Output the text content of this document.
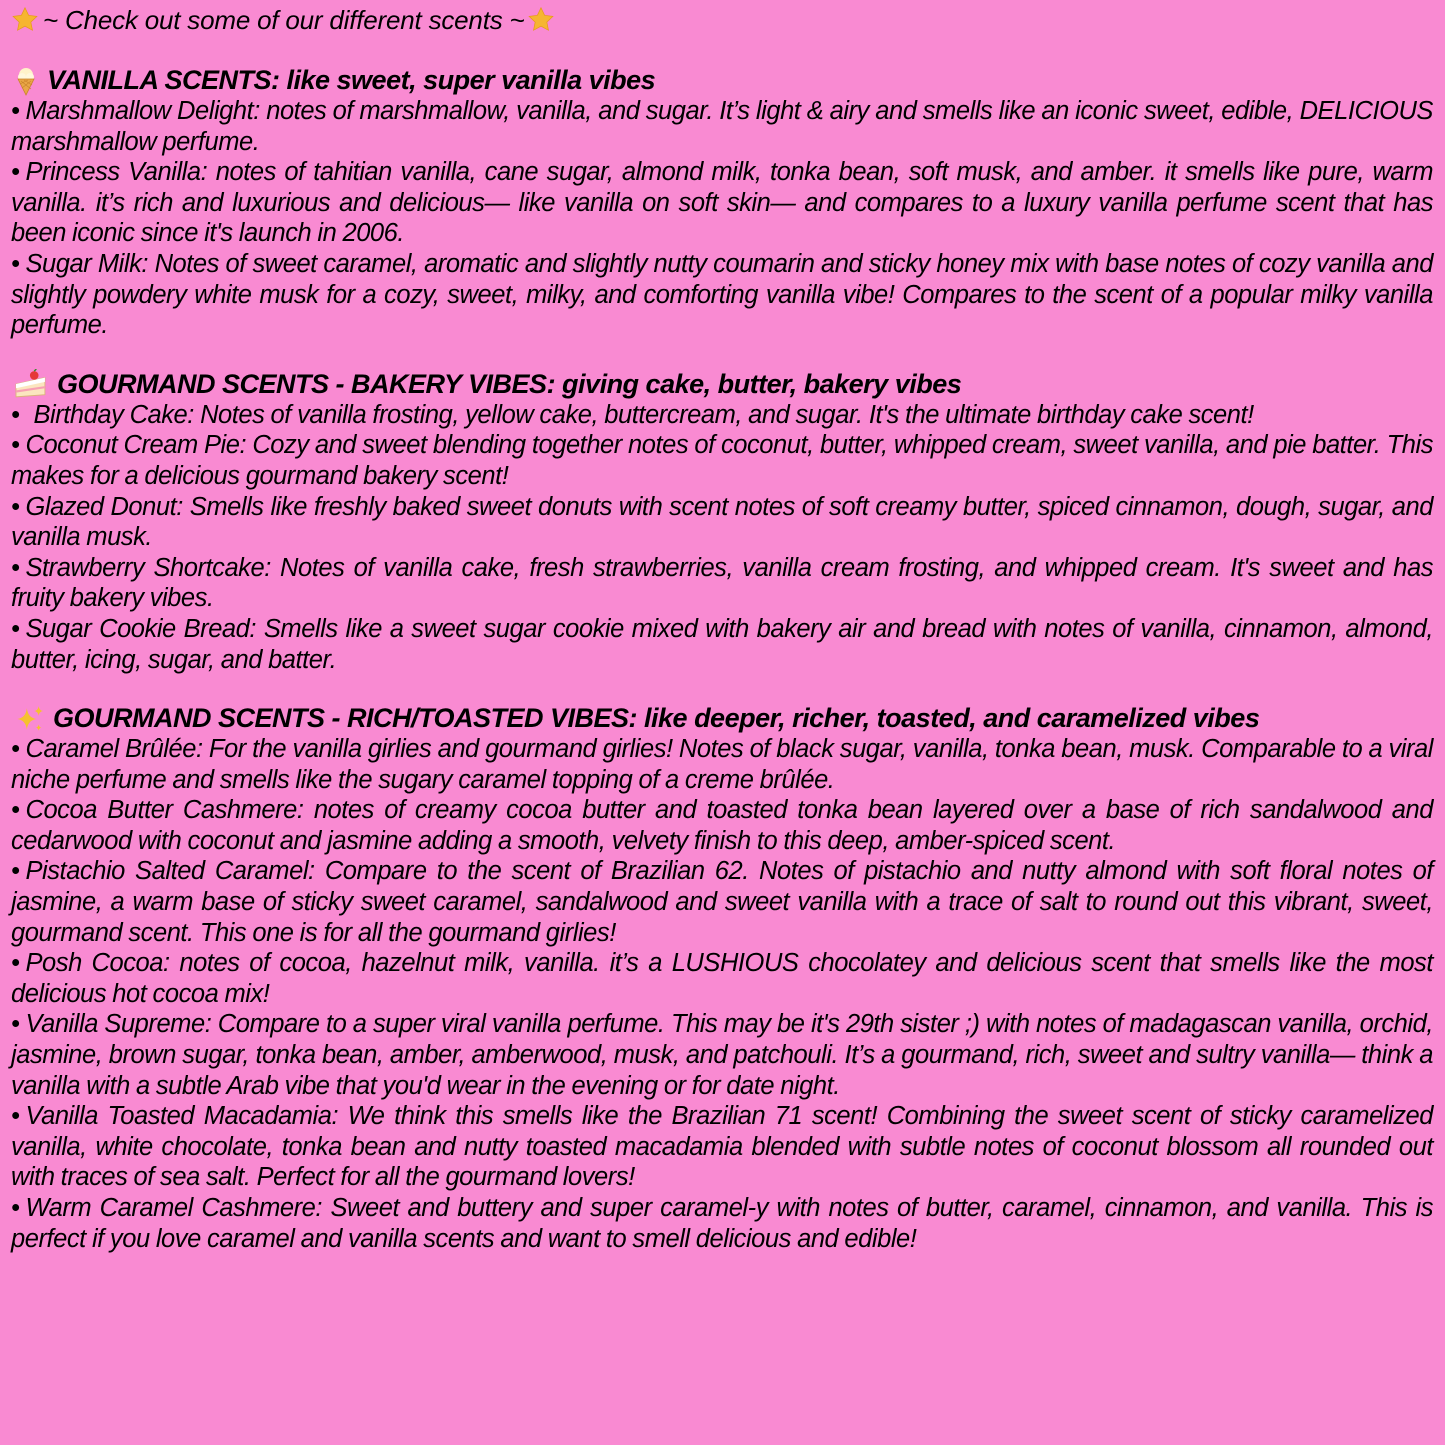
~ Check out some of our different scents ~
VANILLA SCENTS: like sweet, super vanilla vibes

• Marshmallow Delight: notes of marshmallow, vanilla, and sugar. It’s light & airy and smells like an iconic sweet, edible, DELICIOUS marshmallow perfume.

• Princess Vanilla: notes of tahitian vanilla, cane sugar, almond milk, tonka bean, soft musk, and amber. it smells like pure, warm vanilla. it’s rich and luxurious and delicious— like vanilla on soft skin— and compares to a luxury vanilla perfume scent that has been iconic since it's launch in 2006.

• Sugar Milk: Notes of sweet caramel, aromatic and slightly nutty coumarin and sticky honey mix with base notes of cozy vanilla and slightly powdery white musk for a cozy, sweet, milky, and comforting vanilla vibe! Compares to the scent of a popular milky vanilla perfume.

GOURMAND SCENTS - BAKERY VIBES: giving cake, butter, bakery vibes

• Birthday Cake: Notes of vanilla frosting, yellow cake, buttercream, and sugar. It's the ultimate birthday cake scent!

• Coconut Cream Pie: Cozy and sweet blending together notes of coconut, butter, whipped cream, sweet vanilla, and pie batter. This makes for a delicious gourmand bakery scent!

• Glazed Donut: Smells like freshly baked sweet donuts with scent notes of soft creamy butter, spiced cinnamon, dough, sugar, and vanilla musk.

• Strawberry Shortcake: Notes of vanilla cake, fresh strawberries, vanilla cream frosting, and whipped cream. It's sweet and has fruity bakery vibes.

• Sugar Cookie Bread: Smells like a sweet sugar cookie mixed with bakery air and bread with notes of vanilla, cinnamon, almond, butter, icing, sugar, and batter.

GOURMAND SCENTS - RICH/TOASTED VIBES: like deeper, richer, toasted, and caramelized vibes

• Caramel Brûlée: For the vanilla girlies and gourmand girlies! Notes of black sugar, vanilla, tonka bean, musk. Comparable to a viral niche perfume and smells like the sugary caramel topping of a creme brûlée.

• Cocoa Butter Cashmere: notes of creamy cocoa butter and toasted tonka bean layered over a base of rich sandalwood and cedarwood with coconut and jasmine adding a smooth, velvety finish to this deep, amber-spiced scent.

• Pistachio Salted Caramel: Compare to the scent of Brazilian 62. Notes of pistachio and nutty almond with soft floral notes of jasmine, a warm base of sticky sweet caramel, sandalwood and sweet vanilla with a trace of salt to round out this vibrant, sweet, gourmand scent. This one is for all the gourmand girlies!

• Posh Cocoa: notes of cocoa, hazelnut milk, vanilla. it’s a LUSHIOUS chocolatey and delicious scent that smells like the most delicious hot cocoa mix!

• Vanilla Supreme: Compare to a super viral vanilla perfume. This may be it's 29th sister ;) with notes of madagascan vanilla, orchid, jasmine, brown sugar, tonka bean, amber, amberwood, musk, and patchouli. It’s a gourmand, rich, sweet and sultry vanilla— think a vanilla with a subtle Arab vibe that you'd wear in the evening or for date night.

• Vanilla Toasted Macadamia: We think this smells like the Brazilian 71 scent! Combining the sweet scent of sticky caramelized vanilla, white chocolate, tonka bean and nutty toasted macadamia blended with subtle notes of coconut blossom all rounded out with traces of sea salt. Perfect for all the gourmand lovers!

• Warm Caramel Cashmere: Sweet and buttery and super caramel-y with notes of butter, caramel, cinnamon, and vanilla. This is perfect if you love caramel and vanilla scents and want to smell delicious and edible!
